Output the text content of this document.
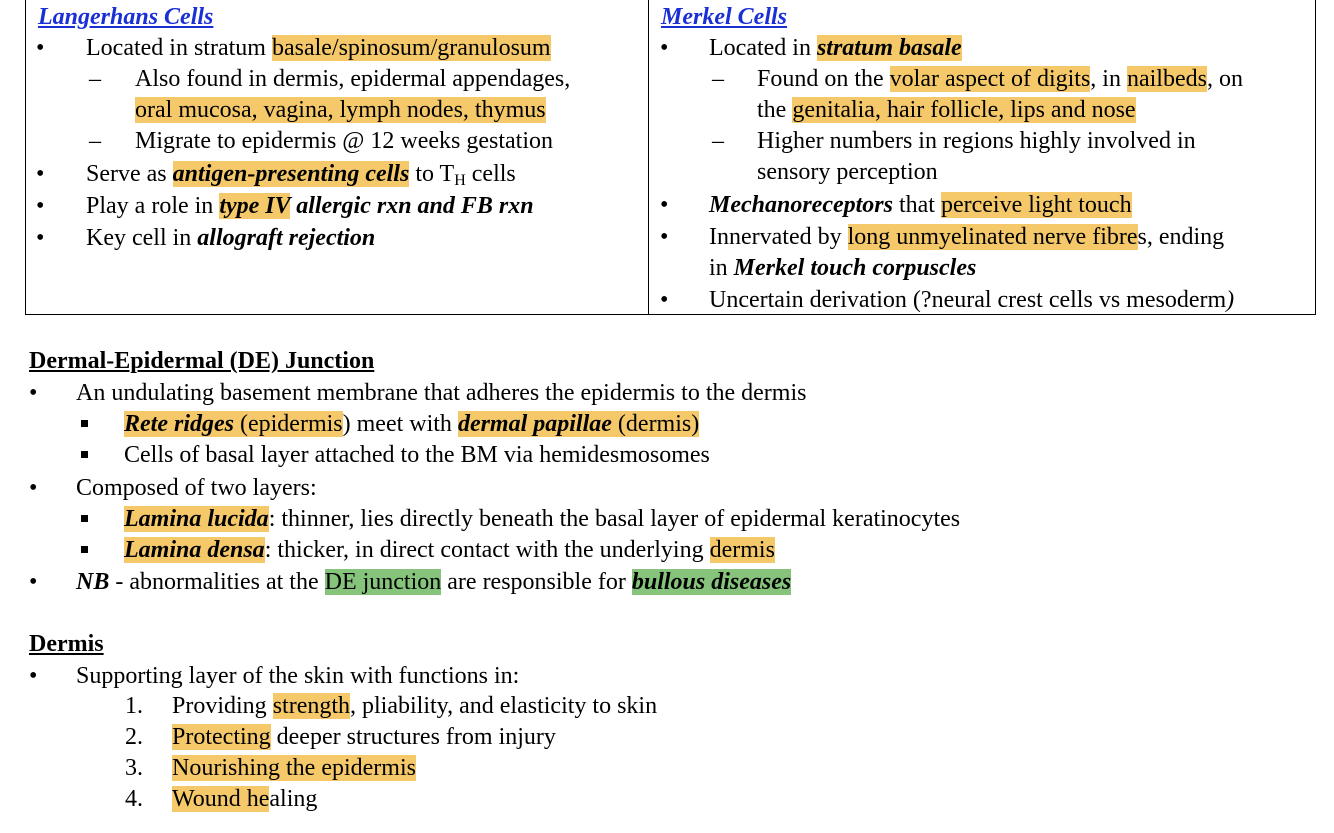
Langerhans Cells
• Located in stratum basale/spinosum/granulosum
– Also found in dermis, epidermal appendages,
oral mucosa, vagina, lymph nodes, thymus
– Migrate to epidermis @ 12 weeks gestation
• Serve as antigen-presenting cells to $T_H$ cells
• Play a role in type IV allergic rxn and FB rxn
• Key cell in allograft rejection
Merkel Cells
• Located in stratum basale
– Found on the volar aspect of digits, in nailbeds, on
the genitalia, hair follicle, lips and nose
– Higher numbers in regions highly involved in
sensory perception
• Mechanoreceptors that perceive light touch
• Innervated by long unmyelinated nerve fibres, ending
in Merkel touch corpuscles
• Uncertain derivation (?neural crest cells vs mesoderm)
Dermal-Epidermal (DE) Junction
• An undulating basement membrane that adheres the epidermis to the dermis
Rete ridges (epidermis) meet with dermal papillae (dermis)
Cells of basal layer attached to the BM via hemidesmosomes
• Composed of two layers:
Lamina lucida: thinner, lies directly beneath the basal layer of epidermal keratinocytes
Lamina densa: thicker, in direct contact with the underlying dermis
• NB - abnormalities at the DE junction are responsible for bullous diseases
Dermis
• Supporting layer of the skin with functions in:
1. Providing strength, pliability, and elasticity to skin
2. Protecting deeper structures from injury
3. Nourishing the epidermis
4. Wound healing
